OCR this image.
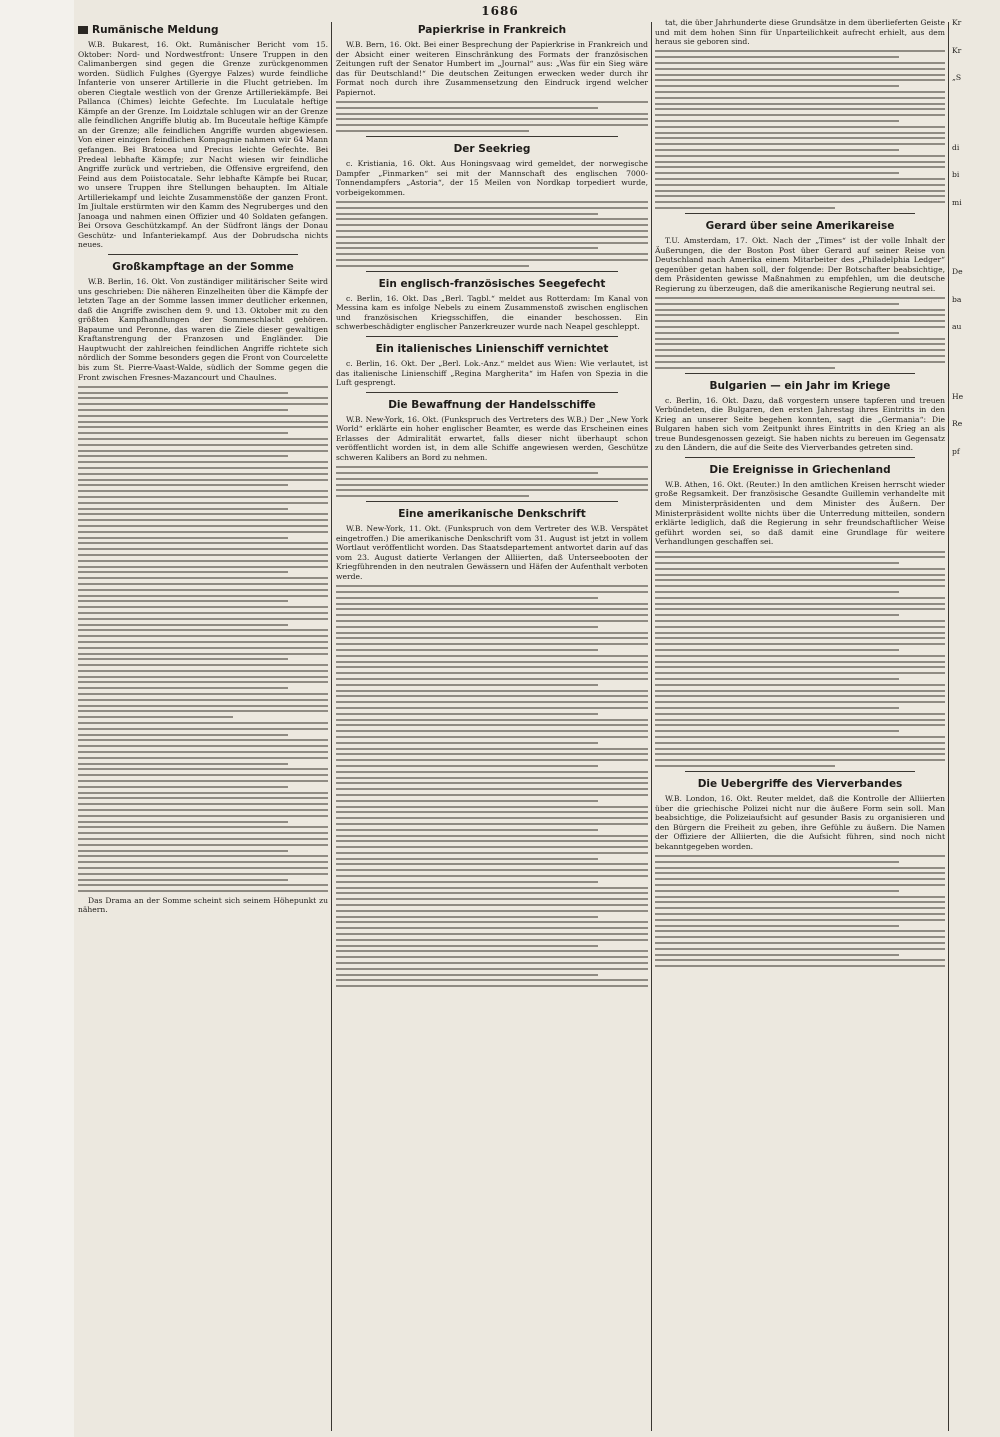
1686
Rumänische Meldung

W.B. Bukarest, 16. Okt. Rumänischer Bericht vom 15. Oktober: Nord- und Nordwestfront: Unsere Truppen in den Calimanbergen sind gegen die Grenze zurückgenommen worden. Südlich Fulghes (Gyergye Falzes) wurde feindliche Infanterie von unserer Artillerie in die Flucht getrieben. Im oberen Ciegtale westlich von der Grenze Artilleriekämpfe. Bei Pallanca (Chimes) leichte Gefechte. Im Luculatale heftige Kämpfe an der Grenze. Im Loidztale schlugen wir an der Grenze alle feindlichen Angriffe blutig ab. Im Buceutale heftige Kämpfe an der Grenze; alle feindlichen Angriffe wurden abgewiesen. Von einer einzigen feindlichen Kompagnie nahmen wir 64 Mann gefangen. Bei Bratocea und Precius leichte Gefechte. Bei Predeal lebhafte Kämpfe; zur Nacht wiesen wir feindliche Angriffe zurück und vertrieben, die Offensive ergreifend, den Feind aus dem Poiistocatale. Sehr lebhafte Kämpfe bei Rucar, wo unsere Truppen ihre Stellungen behaupten. Im Altiale Artilleriekampf und leichte Zusammenstöße der ganzen Front. Im Jiultale erstürmten wir den Kamm des Negruberges und den Janoaga und nahmen einen Offizier und 40 Soldaten gefangen. Bei Orsova Geschützkampf. An der Südfront längs der Donau Geschütz- und Infanteriekampf. Aus der Dobrudscha nichts neues.

Großkampftage an der Somme

W.B. Berlin, 16. Okt. Von zuständiger militärischer Seite wird uns geschrieben: Die näheren Einzelheiten über die Kämpfe der letzten Tage an der Somme lassen immer deutlicher erkennen, daß die Angriffe zwischen dem 9. und 13. Oktober mit zu den größten Kampfhandlungen der Sommeschlacht gehören. Bapaume und Peronne, das waren die Ziele dieser gewaltigen Kraftanstrengung der Franzosen und Engländer. Die Hauptwucht der zahlreichen feindlichen Angriffe richtete sich nördlich der Somme besonders gegen die Front von Courcelette bis zum St. Pierre-Vaast-Walde, südlich der Somme gegen die Front zwischen Fresnes-Mazancourt und Chaulnes.

Das Drama an der Somme scheint sich seinem Höhepunkt zu nähern.

Papierkrise in Frankreich

W.B. Bern, 16. Okt. Bei einer Besprechung der Papierkrise in Frankreich und der Absicht einer weiteren Einschränkung des Formats der französischen Zeitungen ruft der Senator Humbert im „Journal“ aus: „Was für ein Sieg wäre das für Deutschland!“ Die deutschen Zeitungen erwecken weder durch ihr Format noch durch ihre Zusammensetzung den Eindruck irgend welcher Papiernot.

Der Seekrieg

c. Kristiania, 16. Okt. Aus Honingsvaag wird gemeldet, der norwegische Dampfer „Finmarken“ sei mit der Mannschaft des englischen 7000-Tonnendampfers „Astoria“, der 15 Meilen von Nordkap torpediert wurde, vorbeigekommen.

Ein englisch-französisches Seegefecht

c. Berlin, 16. Okt. Das „Berl. Tagbl.“ meldet aus Rotterdam: Im Kanal von Messina kam es infolge Nebels zu einem Zusammenstoß zwischen englischen und französischen Kriegsschiffen, die einander beschossen. Ein schwerbeschädigter englischer Panzerkreuzer wurde nach Neapel geschleppt.

Ein italienisches Linienschiff vernichtet

c. Berlin, 16. Okt. Der „Berl. Lok.-Anz.“ meldet aus Wien: Wie verlautet, ist das italienische Linienschiff „Regina Margherita“ im Hafen von Spezia in die Luft gesprengt.

Die Bewaffnung der Handelsschiffe

W.B. New-York, 16. Okt. (Funkspruch des Vertreters des W.B.) Der „New York World“ erklärte ein hoher englischer Beamter, es werde das Erscheinen eines Erlasses der Admiralität erwartet, falls dieser nicht überhaupt schon veröffentlicht worden ist, in dem alle Schiffe angewiesen werden, Geschütze schweren Kalibers an Bord zu nehmen.

Eine amerikanische Denkschrift

W.B. New-York, 11. Okt. (Funkspruch von dem Vertreter des W.B. Verspätet eingetroffen.) Die amerikanische Denkschrift vom 31. August ist jetzt in vollem Wortlaut veröffentlicht worden. Das Staatsdepartement antwortet darin auf das vom 23. August datierte Verlangen der Alliierten, daß Unterseebooten der Kriegführenden in den neutralen Gewässern und Häfen der Aufenthalt verboten werde.

tat, die über Jahrhunderte diese Grundsätze in dem überlieferten Geiste und mit dem hohen Sinn für Unparteilichkeit aufrecht erhielt, aus dem heraus sie geboren sind.

Gerard über seine Amerikareise

T.U. Amsterdam, 17. Okt. Nach der „Times“ ist der volle Inhalt der Äußerungen, die der Boston Post über Gerard auf seiner Reise von Deutschland nach Amerika einem Mitarbeiter des „Philadelphia Ledger“ gegenüber getan haben soll, der folgende: Der Botschafter beabsichtige, dem Präsidenten gewisse Maßnahmen zu empfehlen, um die deutsche Regierung zu überzeugen, daß die amerikanische Regierung neutral sei.

Bulgarien — ein Jahr im Kriege

c. Berlin, 16. Okt. Dazu, daß vorgestern unsere tapferen und treuen Verbündeten, die Bulgaren, den ersten Jahrestag ihres Eintritts in den Krieg an unserer Seite begehen konnten, sagt die „Germania“: Die Bulgaren haben sich vom Zeitpunkt ihres Eintritts in den Krieg an als treue Bundesgenossen gezeigt. Sie haben nichts zu bereuen im Gegensatz zu den Ländern, die auf die Seite des Vierverbandes getreten sind.

Die Ereignisse in Griechenland

W.B. Athen, 16. Okt. (Reuter.) In den amtlichen Kreisen herrscht wieder große Regsamkeit. Der französische Gesandte Guillemin verhandelte mit dem Ministerpräsidenten und dem Minister des Äußern. Der Ministerpräsident wollte nichts über die Unterredung mitteilen, sondern erklärte lediglich, daß die Regierung in sehr freundschaftlicher Weise geführt worden sei, so daß damit eine Grundlage für weitere Verhandlungen geschaffen sei.

Die Uebergriffe des Vierverbandes

W.B. London, 16. Okt. Reuter meldet, daß die Kontrolle der Alliierten über die griechische Polizei nicht nur die äußere Form sein soll. Man beabsichtige, die Polizeiaufsicht auf gesunder Basis zu organisieren und den Bürgern die Freiheit zu geben, ihre Gefühle zu äußern. Die Namen der Offiziere der Alliierten, die die Aufsicht führen, sind noch nicht bekanntgegeben worden.

Kr
Kr
„S
di
bi
mi
De
ba
au
He
Re
pf
